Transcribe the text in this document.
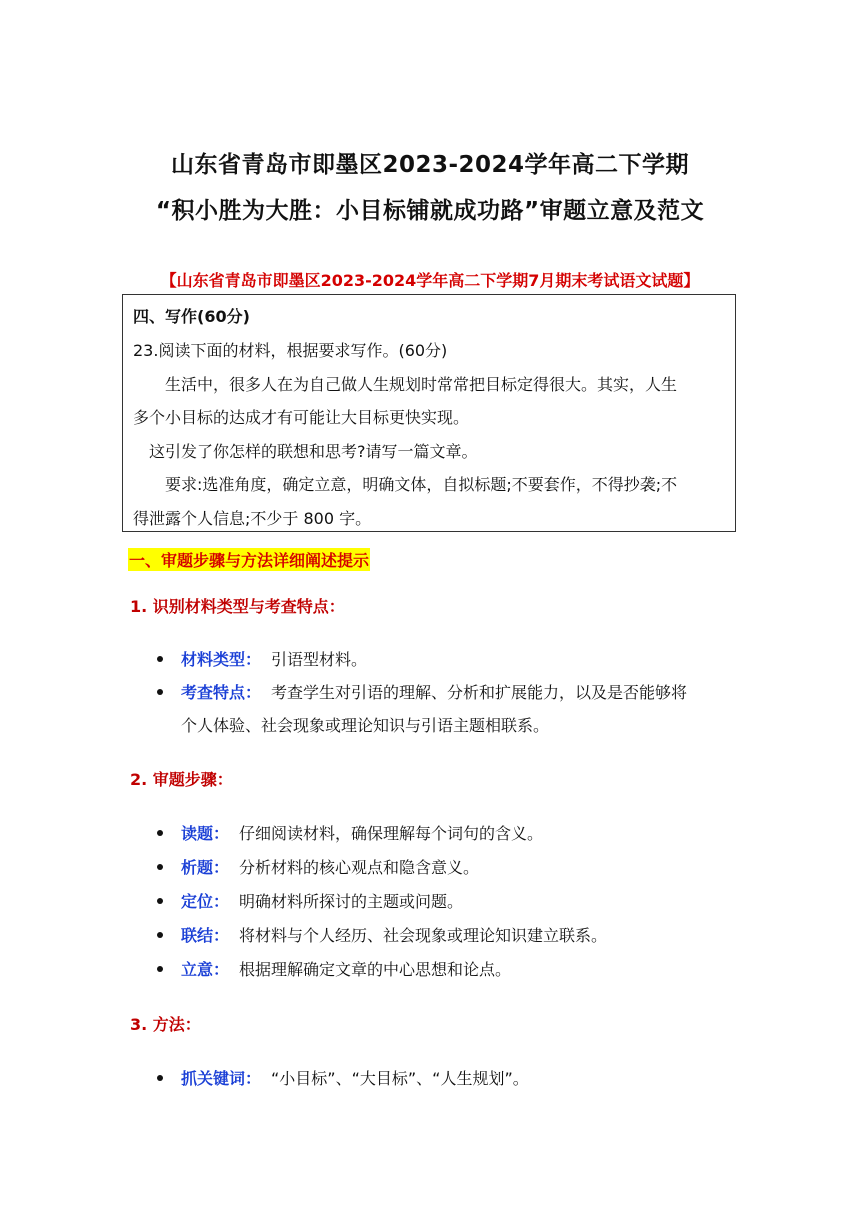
山东省青岛市即墨区2023-2024学年高二下学期
“积小胜为大胜：小目标铺就成功路”审题立意及范文
【山东省青岛市即墨区2023-2024学年高二下学期7月期末考试语文试题】
四、写作(60分)
23.阅读下面的材料，根据要求写作。(60分)
生活中，很多人在为自己做人生规划时常常把目标定得很大。其实，人生
多个小目标的达成才有可能让大目标更快实现。
这引发了你怎样的联想和思考?请写一篇文章。
要求:选准角度，确定立意，明确文体，自拟标题;不要套作，不得抄袭;不
得泄露个人信息;不少于 800 字。
一、审题步骤与方法详细阐述提示
1. 识别材料类型与考查特点：
材料类型： 引语型材料。
考查特点： 考查学生对引语的理解、分析和扩展能力，以及是否能够将
个人体验、社会现象或理论知识与引语主题相联系。
2. 审题步骤：
读题： 仔细阅读材料，确保理解每个词句的含义。
析题： 分析材料的核心观点和隐含意义。
定位： 明确材料所探讨的主题或问题。
联结： 将材料与个人经历、社会现象或理论知识建立联系。
立意： 根据理解确定文章的中心思想和论点。
3. 方法：
抓关键词： “小目标”、“大目标”、“人生规划”。
